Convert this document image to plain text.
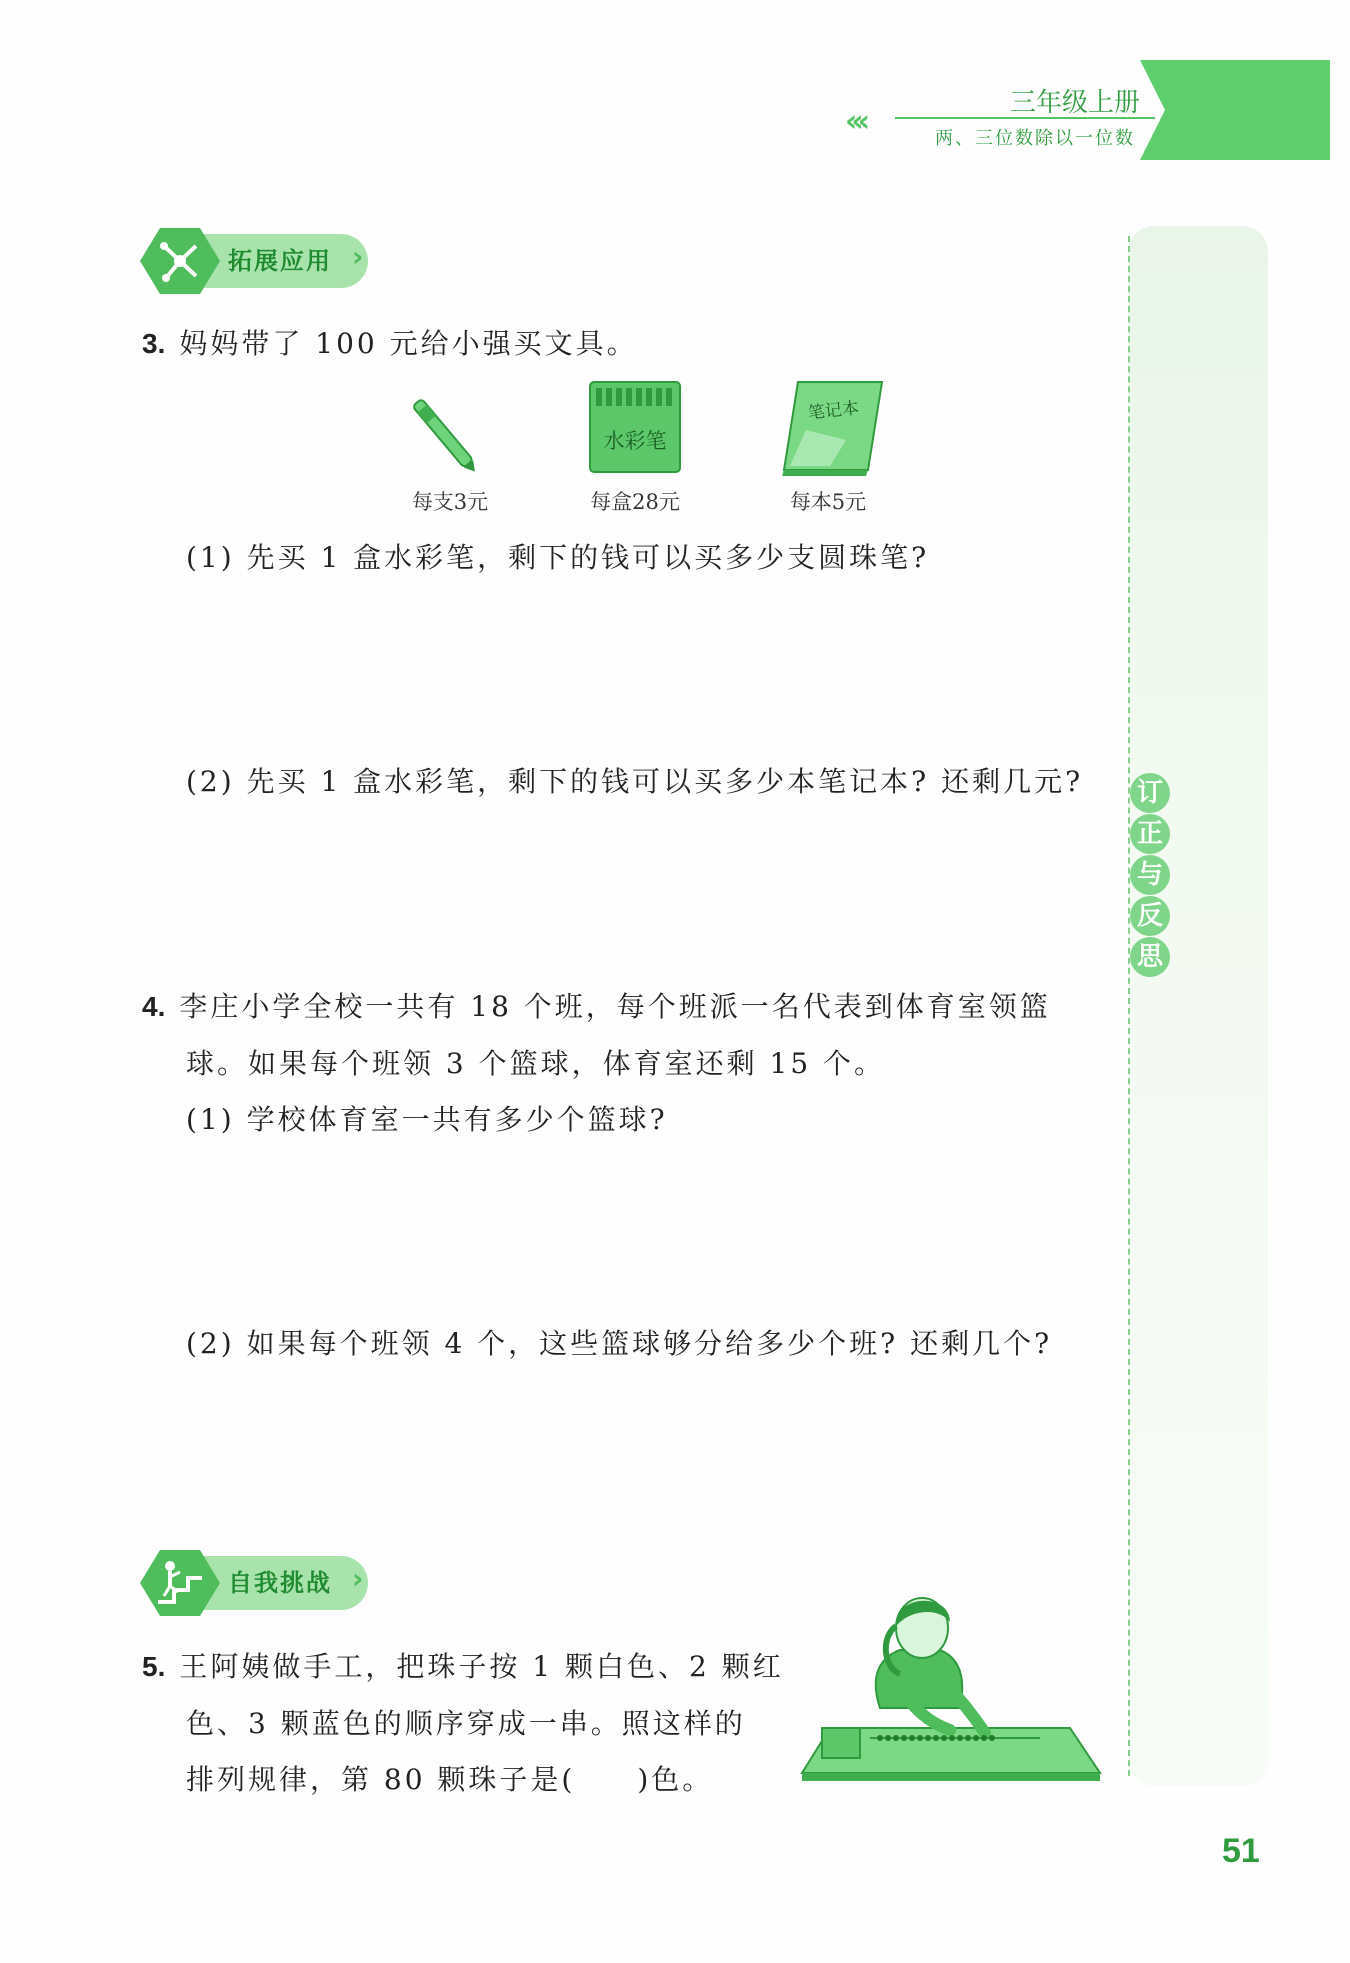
‹‹‹
三年级上册
两、三位数除以一位数
订
正
与
反
思
拓展应用 ›
3. 妈妈带了 100 元给小强买文具。
水彩笔
笔记本
每支3元	每盒28元	每本5元
(1) 先买 1 盒水彩笔，剩下的钱可以买多少支圆珠笔?
(2) 先买 1 盒水彩笔，剩下的钱可以买多少本笔记本? 还剩几元?
4. 李庄小学全校一共有 18 个班，每个班派一名代表到体育室领篮
球。如果每个班领 3 个篮球，体育室还剩 15 个。
(1) 学校体育室一共有多少个篮球?
(2) 如果每个班领 4 个，这些篮球够分给多少个班? 还剩几个?
自我挑战 ›
5. 王阿姨做手工，把珠子按 1 颗白色、2 颗红
色、3 颗蓝色的顺序穿成一串。照这样的
排列规律，第 80 颗珠子是(　　)色。
51
